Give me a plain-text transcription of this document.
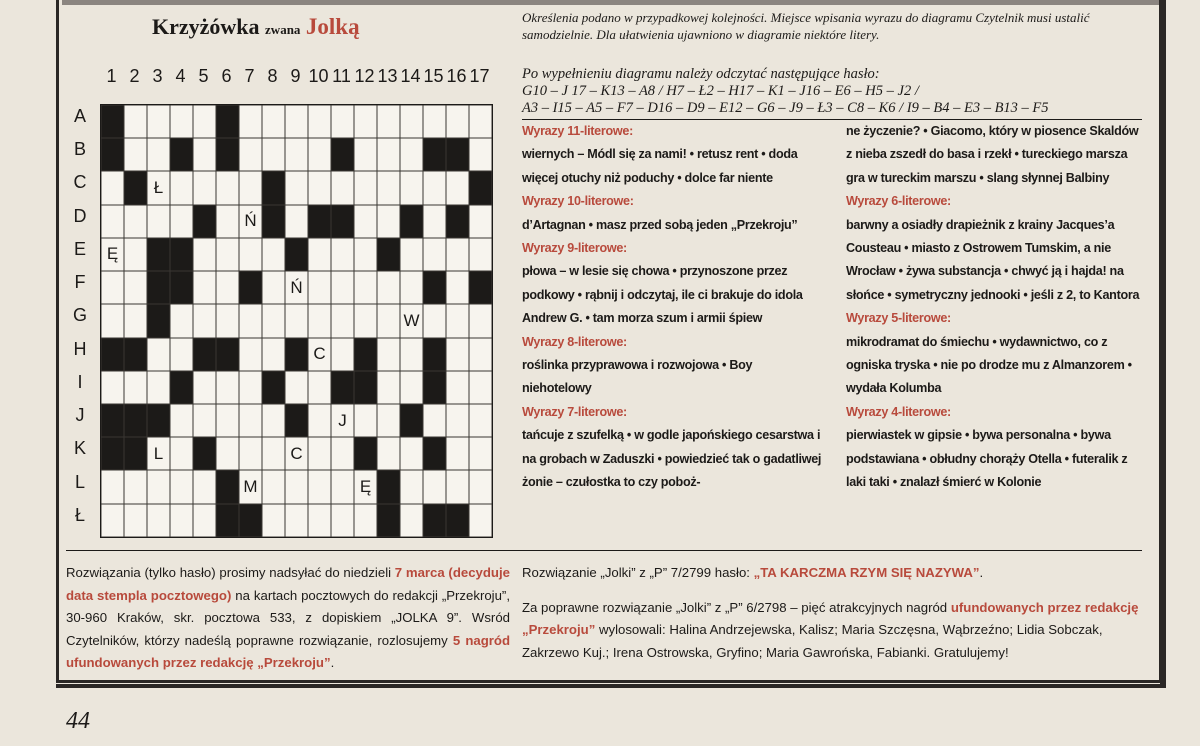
Krzyżówka zwana Jolką
1 2 3 4 5 6 7 8 9 10 11 12 13 14 15 16 17
A
B
C
D
E
F
G
H
I
J
K
L
Ł
Ł
Ń
Ę
Ń
W
C
J
L	C
M	Ę
Określenia podano w przypadkowej kolejności. Miejsce wpisania wyrazu do diagramu Czytelnik musi ustalić samodzielnie. Dla ułatwienia ujawniono w diagramie niektóre litery.
Po wypełnieniu diagramu należy odczytać następujące hasło:
G10 – J 17 – K13 – A8 / H7 – Ł2 – H17 – K1 – J16 – E6 – H5 – J2 /
A3 – I15 – A5 – F7 – D16 – D9 – E12 – G6 – J9 – Ł3 – C8 – K6 / I9 – B4 – E3 – B13 – F5
Wyrazy 11-literowe:
wiernych – Módl się za nami! • retusz rent • doda więcej otuchy niż poduchy • dolce far niente
Wyrazy 10-literowe:
d’Artagnan • masz przed sobą jeden „Przekroju”
Wyrazy 9-literowe:
płowa – w lesie się chowa • przynoszone przez podkowy • rąbnij i odczytaj, ile ci brakuje do idola Andrew G. • tam morza szum i armii śpiew
Wyrazy 8-literowe:
roślinka przyprawowa i rozwojowa • Boy niehotelowy
Wyrazy 7-literowe:
tańcuje z szufelką • w godle japońskiego cesarstwa i na grobach w Zaduszki • powiedzieć tak o gadatliwej żonie – czułostka to czy poboż-
ne życzenie? • Giacomo, który w piosence Skaldów z nieba zszedł do basa i rzekł • tureckiego marsza gra w tureckim marszu • slang słynnej Balbiny
Wyrazy 6-literowe:
barwny a osiadły drapieżnik z krainy Jacques’a Cousteau • miasto z Ostrowem Tumskim, a nie Wrocław • żywa substancja • chwyć ją i hajda! na słońce • symetryczny jednooki • jeśli z 2, to Kantora
Wyrazy 5-literowe:
mikrodramat do śmiechu • wydawnictwo, co z ogniska tryska • nie po drodze mu z Almanzorem • wydała Kolumba
Wyrazy 4-literowe:
pierwiastek w gipsie • bywa personalna • bywa podstawiana • obłudny chorąży Otella • futeralik z laki taki • znalazł śmierć w Kolonie
Rozwiązania (tylko hasło) prosimy nadsyłać do niedzieli 7 marca (decyduje data stempla pocztowego) na kartach pocztowych do redakcji „Przekroju”, 30-960 Kraków, skr. pocztowa 533, z dopiskiem „JOLKA 9”. Wsród Czytelników, którzy nadeślą poprawne rozwiązanie, rozlosujemy 5 nagród ufundowanych przez redakcję „Przekroju”.
Rozwiązanie „Jolki” z „P” 7/2799 hasło: „TA KARCZMA RZYM SIĘ NAZYWA”.
Za poprawne rozwiązanie „Jolki” z „P” 6/2798 – pięć atrakcyjnych nagród ufundowanych przez redakcję „Przekroju” wylosowali: Halina Andrzejewska, Kalisz; Maria Szczęsna, Wąbrzeźno; Lidia Sobczak, Zakrzewo Kuj.; Irena Ostrowska, Gryfino; Maria Gawrońska, Fabianki. Gratulujemy!
44
